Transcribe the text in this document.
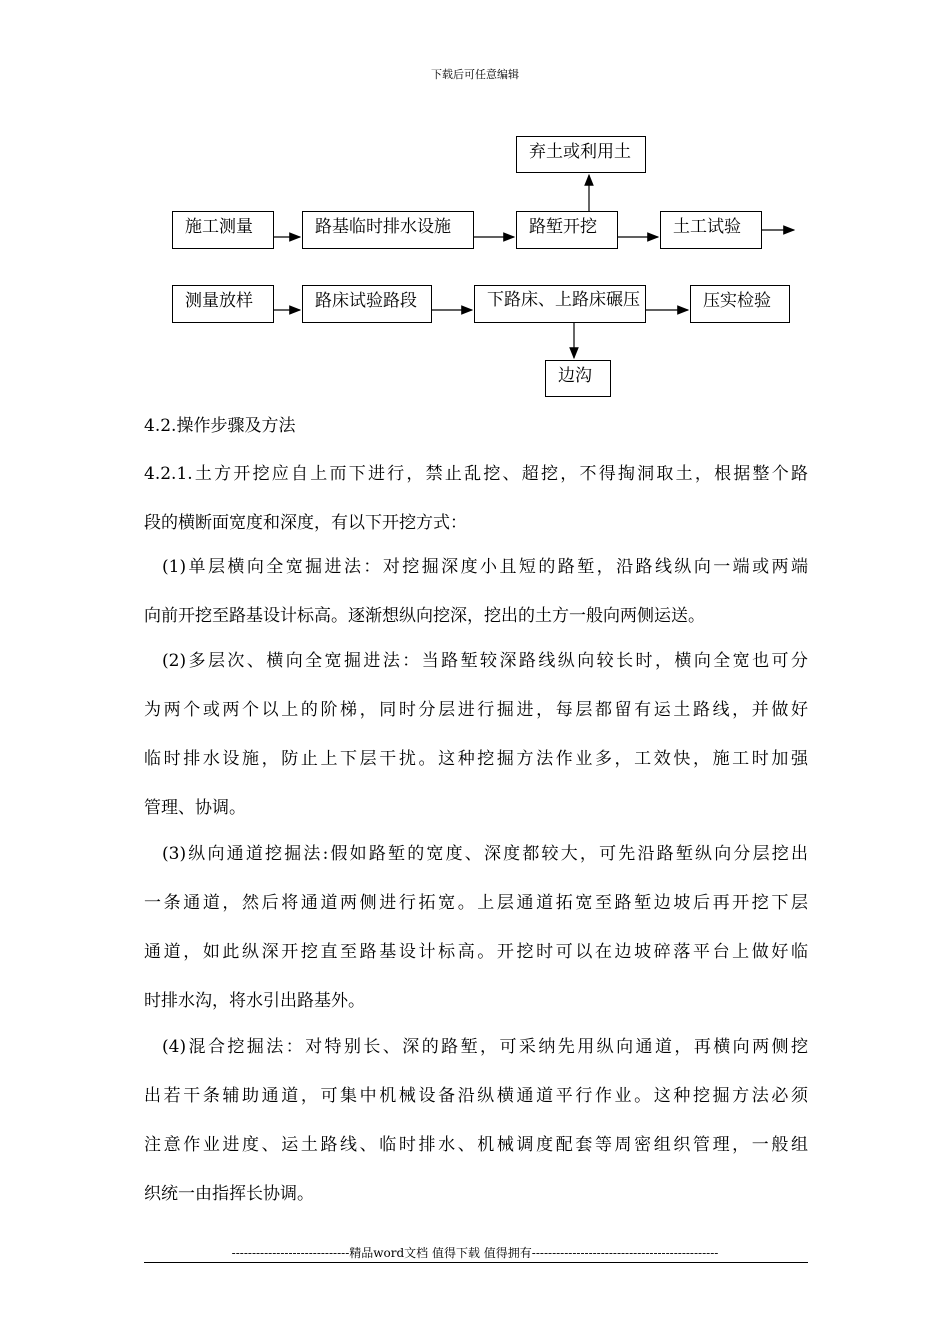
下载后可任意编辑
弃土或利用土
施工测量	路基临时排水设施	路堑开挖	土工试验
测量放样	路床试验路段	下路床、上路床碾压	压实检验
边沟
4.2.操作步骤及方法
4.2.1.土方开挖应自上而下进行，禁止乱挖、超挖，不得掏洞取土，根据整个路
段的横断面宽度和深度，有以下开挖方式：
(1)单层横向全宽掘进法：对挖掘深度小且短的路堑，沿路线纵向一端或两端
向前开挖至路基设计标高。逐渐想纵向挖深，挖出的土方一般向两侧运送。
(2)多层次、横向全宽掘进法：当路堑较深路线纵向较长时，横向全宽也可分
为两个或两个以上的阶梯，同时分层进行掘进，每层都留有运土路线，并做好
临时排水设施，防止上下层干扰。这种挖掘方法作业多，工效快，施工时加强
管理、协调。
(3)纵向通道挖掘法:假如路堑的宽度、深度都较大，可先沿路堑纵向分层挖出
一条通道，然后将通道两侧进行拓宽。上层通道拓宽至路堑边坡后再开挖下层
通道，如此纵深开挖直至路基设计标高。开挖时可以在边坡碎落平台上做好临
时排水沟，将水引出路基外。
(4)混合挖掘法：对特别长、深的路堑，可采纳先用纵向通道，再横向两侧挖
出若干条辅助通道，可集中机械设备沿纵横通道平行作业。这种挖掘方法必须
注意作业进度、运土路线、临时排水、机械调度配套等周密组织管理，一般组
织统一由指挥长协调。
-----------------------------精品word文档 值得下载 值得拥有----------------------------------------------
